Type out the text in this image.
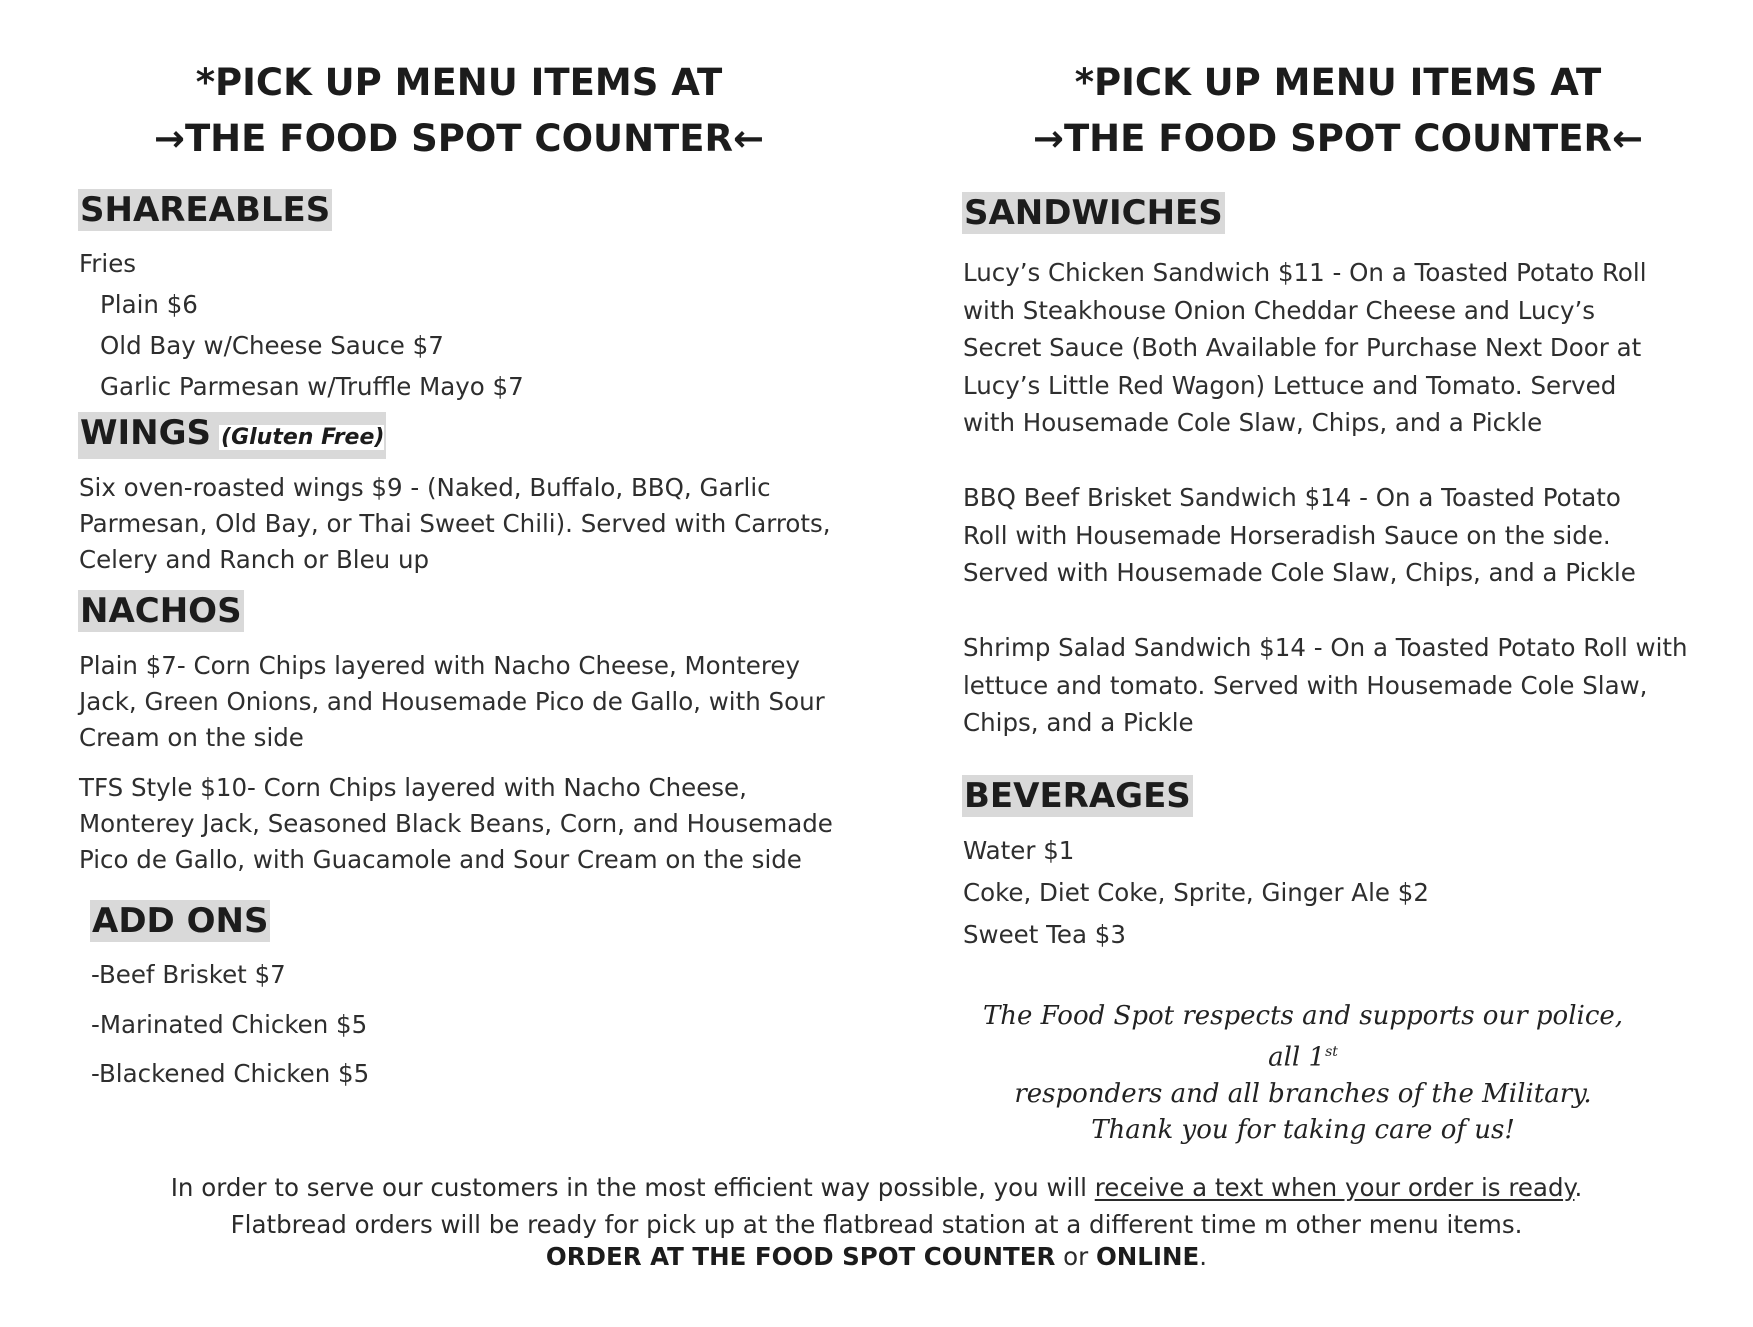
*PICK UP MENU ITEMS AT
→THE FOOD SPOT COUNTER←
*PICK UP MENU ITEMS AT
→THE FOOD SPOT COUNTER←
SHAREABLES
Fries
Plain $6
Old Bay w/Cheese Sauce $7
Garlic Parmesan w/Truffle Mayo $7
WINGS (Gluten Free)
Six oven-roasted wings $9 - (Naked, Buffalo, BBQ, Garlic Parmesan, Old Bay, or Thai Sweet Chili). Served with Carrots, Celery and Ranch or Bleu up
NACHOS
Plain $7- Corn Chips layered with Nacho Cheese, Monterey Jack, Green Onions, and Housemade Pico de Gallo, with Sour Cream on the side
TFS Style $10- Corn Chips layered with Nacho Cheese, Monterey Jack, Seasoned Black Beans, Corn, and Housemade Pico de Gallo, with Guacamole and Sour Cream on the side
ADD ONS
-Beef Brisket $7
-Marinated Chicken $5
-Blackened Chicken $5
SANDWICHES
Lucy’s Chicken Sandwich $11 - On a Toasted Potato Roll with Steakhouse Onion Cheddar Cheese and Lucy’s Secret Sauce (Both Available for Purchase Next Door at Lucy’s Little Red Wagon) Lettuce and Tomato. Served with Housemade Cole Slaw, Chips, and a Pickle
BBQ Beef Brisket Sandwich $14 - On a Toasted Potato Roll with Housemade Horseradish Sauce on the side. Served with Housemade Cole Slaw, Chips, and a Pickle
Shrimp Salad Sandwich $14 - On a Toasted Potato Roll with lettuce and tomato. Served with Housemade Cole Slaw, Chips, and a Pickle
BEVERAGES
Water $1
Coke, Diet Coke, Sprite, Ginger Ale $2
Sweet Tea $3
The Food Spot respects and supports our police, all 1st
responders and all branches of the Military.
Thank you for taking care of us!
In order to serve our customers in the most efficient way possible, you will receive a text when your order is ready.
Flatbread orders will be ready for pick up at the flatbread station at a different time m other menu items.
ORDER AT THE FOOD SPOT COUNTER or ONLINE.
